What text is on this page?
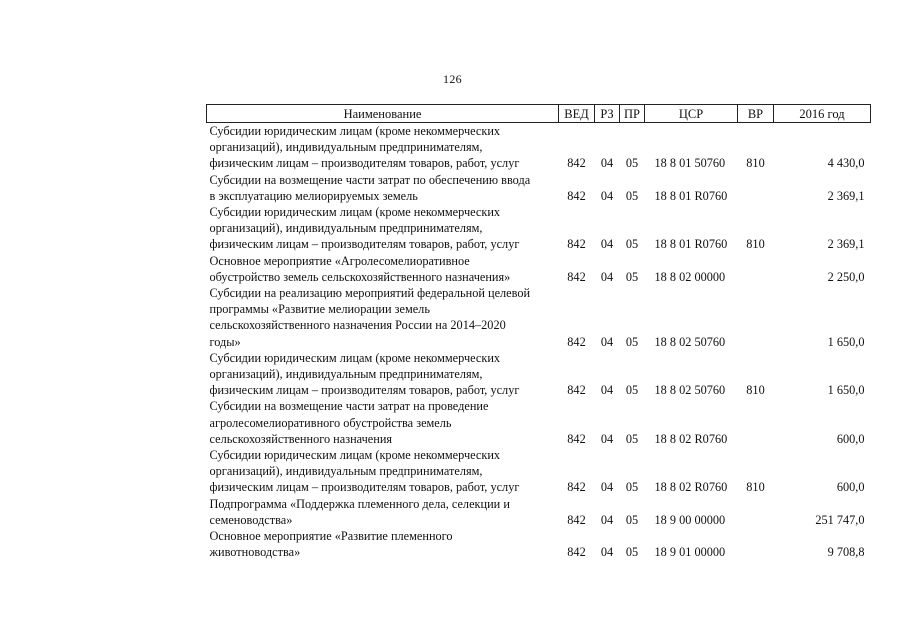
126
Наименование	ВЕД	РЗ	ПР	ЦСР	ВР	2016 год
Субсидии юридическим лицам (кроме некоммерческих
организаций), индивидуальным предпринимателям,
физическим лицам – производителям товаров, работ, услуг	842	04	05	18 8 01 50760	810	4 430,0
Субсидии на возмещение части затрат по обеспечению ввода
в эксплуатацию мелиорируемых земель	842	04	05	18 8 01 R0760		2 369,1
Субсидии юридическим лицам (кроме некоммерческих
организаций), индивидуальным предпринимателям,
физическим лицам – производителям товаров, работ, услуг	842	04	05	18 8 01 R0760	810	2 369,1
Основное мероприятие «Агролесомелиоративное
обустройство земель сельскохозяйственного назначения»	842	04	05	18 8 02 00000		2 250,0
Субсидии на реализацию мероприятий федеральной целевой
программы «Развитие мелиорации земель
сельскохозяйственного назначения России на 2014–2020
годы»	842	04	05	18 8 02 50760		1 650,0
Субсидии юридическим лицам (кроме некоммерческих
организаций), индивидуальным предпринимателям,
физическим лицам – производителям товаров, работ, услуг	842	04	05	18 8 02 50760	810	1 650,0
Субсидии на возмещение части затрат на проведение
агролесомелиоративного обустройства земель
сельскохозяйственного назначения	842	04	05	18 8 02 R0760		600,0
Субсидии юридическим лицам (кроме некоммерческих
организаций), индивидуальным предпринимателям,
физическим лицам – производителям товаров, работ, услуг	842	04	05	18 8 02 R0760	810	600,0
Подпрограмма «Поддержка племенного дела, селекции и
семеноводства»	842	04	05	18 9 00 00000		251 747,0
Основное мероприятие «Развитие племенного
животноводства»	842	04	05	18 9 01 00000		9 708,8
